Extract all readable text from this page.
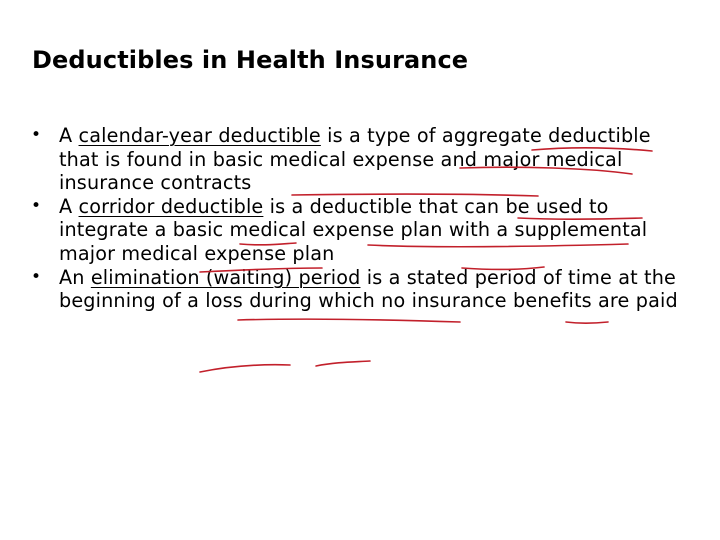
Deductibles in Health Insurance
• A calendar-year deductible is a type of aggregate deductible that is found in basic medical expense and major medical insurance contracts
• A corridor deductible is a deductible that can be used to integrate a basic medical expense plan with a supplemental major medical expense plan
• An elimination (waiting) period is a stated period of time at the beginning of a loss during which no insurance benefits are paid
